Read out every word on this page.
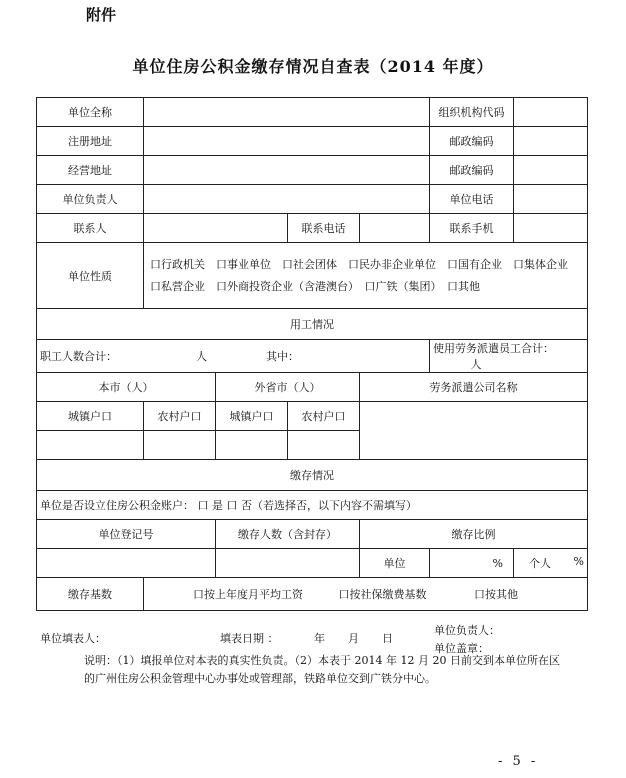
附件
单位住房公积金缴存情况自查表（2014 年度）
单位全称					组织机构代码	
注册地址					邮政编码	
经营地址					邮政编码	
单位负责人					单位电话	
联系人			联系电话		联系手机	
单位性质	口行政机关　口事业单位　口社会团体　口民办非企业单位　口国有企业　口集体企业　口私营企业　口外商投资企业（含港澳台）　口广铁（集团）　口其他					
用工情况						
职工人数合计： 人 其中：					使用劳务派遣员工合计：  人	
本市（人）		外省市（人）		劳务派遣公司名称		
城镇户口	农村户口	城镇户口	农村户口			

缴存情况						
单位是否设立住房公积金账户： 口 是 口 否（若选择否，以下内容不需填写）						
单位登记号		缴存人数（含封存）		缴存比例		
				单位	%	个人 %

缴存基数	口按上年度月平均工资 口按社保缴费基数 口按其他					
单位填表人：	填表日期 ：	年 月 日
单位负责人：
单位盖章：
说明：（1）填报单位对本表的真实性负责。（2）本表于 2014 年 12 月 20 日前交到本单位所在区的广州住房公积金管理中心办事处或管理部，铁路单位交到广铁分中心。
- 5 -
